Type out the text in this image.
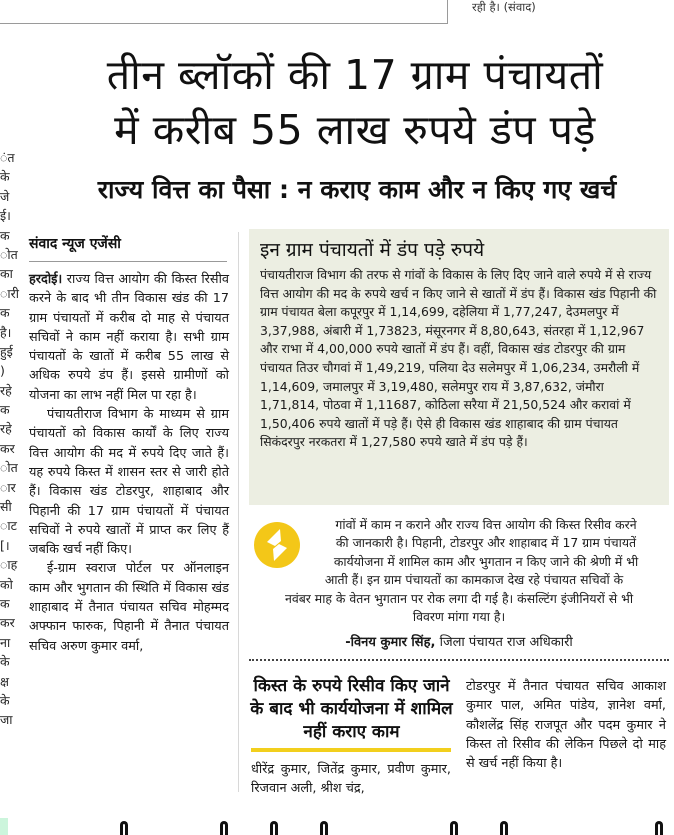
रही है। (संवाद)
तीन ब्लॉकों की 17 ग्राम पंचायतों
में करीब 55 लाख रुपये डंप पड़े
राज्य वित्त का पैसा : न कराए काम और न किए गए खर्च
ंत
के
जे
ई।
क
ोत
का
ारी
क
है।
हुई
)
रहे
क
रहे
कर
ोत
ार
सी
ाट
[।
ाह
को
क
कर
ना
के
क्ष
के
जा
संवाद न्यूज एजेंसी

हरदोई। राज्य वित्त आयोग की किस्त रिसीव करने के बाद भी तीन विकास खंड की 17 ग्राम पंचायतों में करीब दो माह से पंचायत सचिवों ने काम नहीं कराया है। सभी ग्राम पंचायतों के खातों में करीब 55 लाख से अधिक रुपये डंप हैं। इससे ग्रामीणों को योजना का लाभ नहीं मिल पा रहा है।

पंचायतीराज विभाग के माध्यम से ग्राम पंचायतों को विकास कार्यों के लिए राज्य वित्त आयोग की मद में रुपये दिए जाते हैं। यह रुपये किस्त में शासन स्तर से जारी होते हैं। विकास खंड टोडरपुर, शाहाबाद और पिहानी की 17 ग्राम पंचायतों में पंचायत सचिवों ने रुपये खातों में प्राप्त कर लिए हैं जबकि खर्च नहीं किए।

ई-ग्राम स्वराज पोर्टल पर ऑनलाइन काम और भुगतान की स्थिति में विकास खंड शाहाबाद में तैनात पंचायत सचिव मोहम्मद अफ्फान फारुक, पिहानी में तैनात पंचायत सचिव अरुण कुमार वर्मा,

इन ग्राम पंचायतों में डंप पड़े रुपये
पंचायतीराज विभाग की तरफ से गांवों के विकास के लिए दिए जाने वाले रुपये में से राज्य वित्त आयोग की मद के रुपये खर्च न किए जाने से खातों में डंप हैं। विकास खंड पिहानी की ग्राम पंचायत बेला कपूरपुर में 1,14,699, दहेलिया में 1,77,247, देउमलपुर में 3,37,988, अंबारी में 1,73823, मंसूरनगर में 8,80,643, संतरहा में 1,12,967 और राभा में 4,00,000 रुपये खातों में डंप हैं। वहीं, विकास खंड टोडरपुर की ग्राम पंचायत तिउर चौगवां में 1,49,219, पलिया देउ सलेमपुर में 1,06,234, उमरौली में 1,14,609, जमालपुर में 3,19,480, सलेमपुर राय में 3,87,632, जंमौरा 1,71,814, पोठवा में 1,11687, कोठिला सरैया में 21,50,524 और करावां में 1,50,406 रुपये खातों में पड़े हैं। ऐसे ही विकास खंड शाहाबाद की ग्राम पंचायत सिकंदरपुर नरकतरा में 1,27,580 रुपये खाते में डंप पड़े हैं।
गांवों में काम न कराने और राज्य वित्त आयोग की किस्त रिसीव करने
की जानकारी है। पिहानी, टोडरपुर और शाहाबाद में 17 ग्राम पंचायतें
कार्ययोजना में शामिल काम और भुगतान न किए जाने की श्रेणी में भी
आती हैं। इन ग्राम पंचायतों का कामकाज देख रहे पंचायत सचिवों के
नवंबर माह के वेतन भुगतान पर रोक लगा दी गई है। कंसल्टिंग इंजीनियरों से भी
विवरण मांगा गया है।
-विनय कुमार सिंह, जिला पंचायत राज अधिकारी
किस्त के रुपये रिसीव किए जाने के बाद भी कार्ययोजना में शामिल नहीं कराए काम
धीरेंद्र कुमार, जितेंद्र कुमार, प्रवीण कुमार, रिजवान अली, श्रीश चंद्र,
टोडरपुर में तैनात पंचायत सचिव आकाश कुमार पाल, अमित पांडेय, ज्ञानेश वर्मा, कौशलेंद्र सिंह राजपूत और पदम कुमार ने किस्त तो रिसीव की लेकिन पिछले दो माह से खर्च नहीं किया है।
